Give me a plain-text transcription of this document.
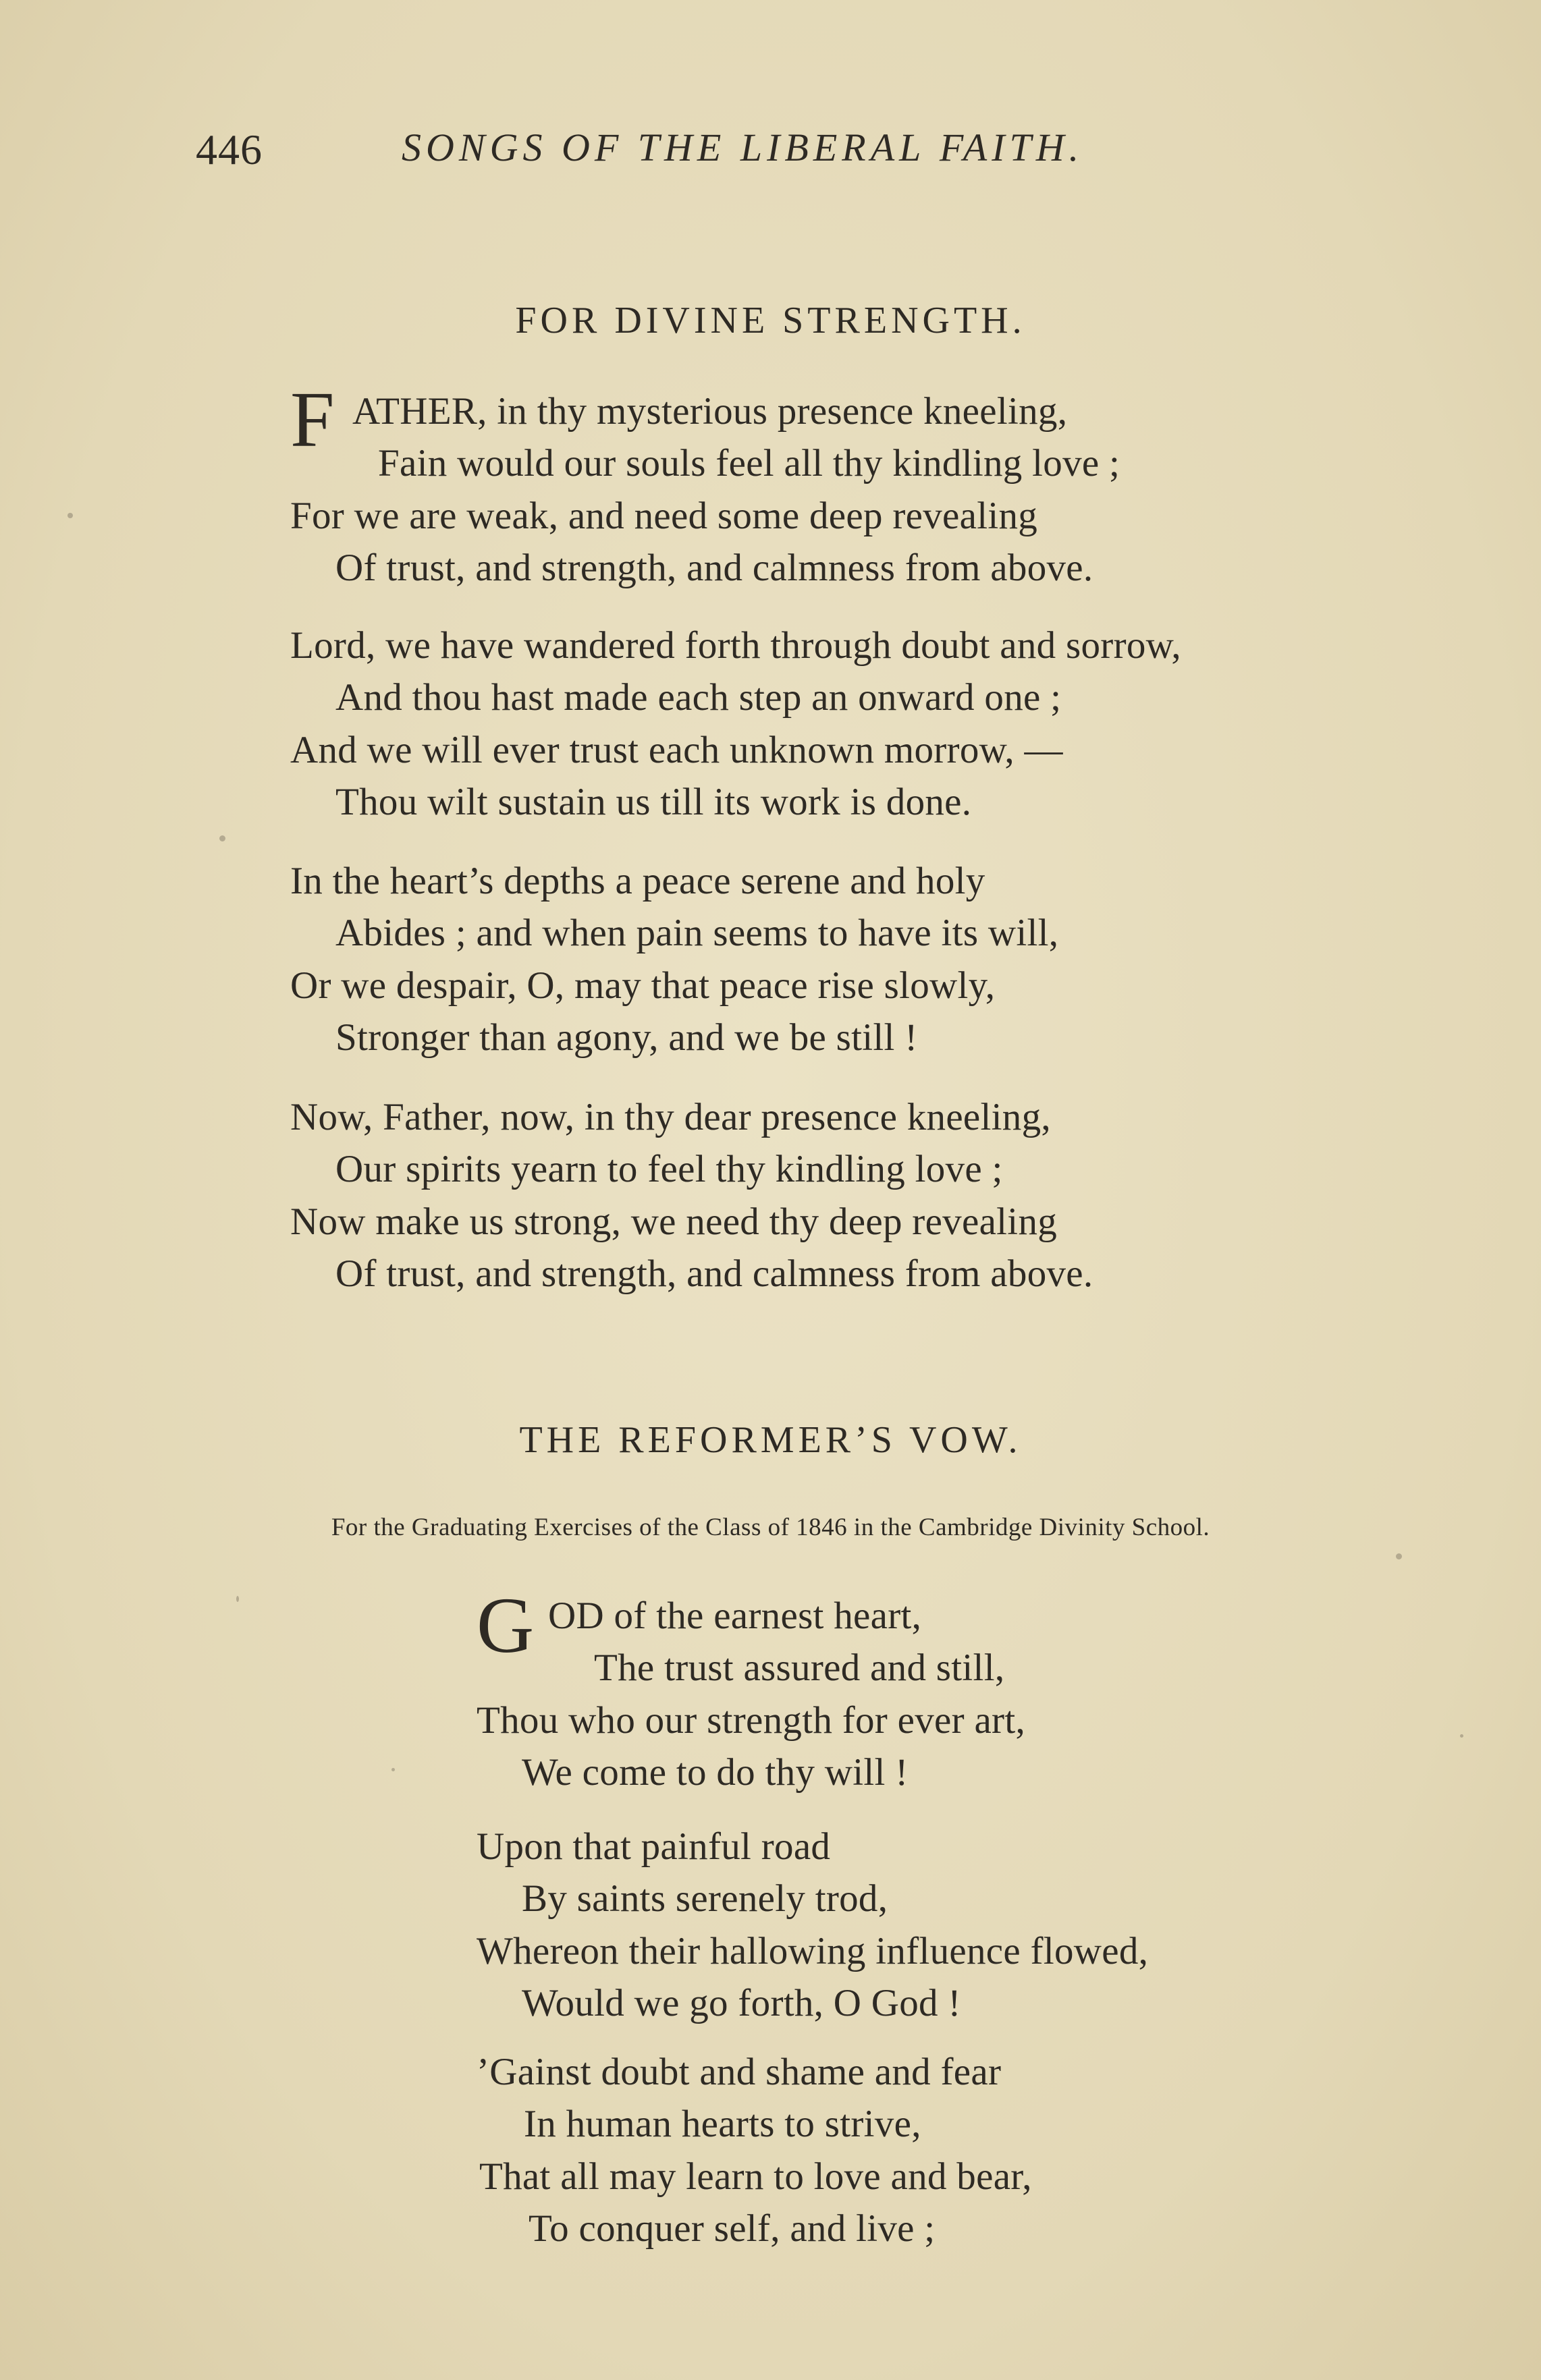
446	SONGS OF THE LIBERAL FAITH.
FOR DIVINE STRENGTH.
F ATHER, in thy mysterious presence kneeling,
Fain would our souls feel all thy kindling love ;
For we are weak, and need some deep revealing
Of trust, and strength, and calmness from above.
Lord, we have wandered forth through doubt and sorrow,
And thou hast made each step an onward one ;
And we will ever trust each unknown morrow, —
Thou wilt sustain us till its work is done.
In the heart’s depths a peace serene and holy
Abides ; and when pain seems to have its will,
Or we despair, O, may that peace rise slowly,
Stronger than agony, and we be still !
Now, Father, now, in thy dear presence kneeling,
Our spirits yearn to feel thy kindling love ;
Now make us strong, we need thy deep revealing
Of trust, and strength, and calmness from above.
THE REFORMER’S VOW.
For the Graduating Exercises of the Class of 1846 in the Cambridge Divinity School.
G OD of the earnest heart,
The trust assured and still,
Thou who our strength for ever art,
We come to do thy will !
Upon that painful road
By saints serenely trod,
Whereon their hallowing influence flowed,
Would we go forth, O God !
’Gainst doubt and shame and fear
In human hearts to strive,
That all may learn to love and bear,
To conquer self, and live ;
